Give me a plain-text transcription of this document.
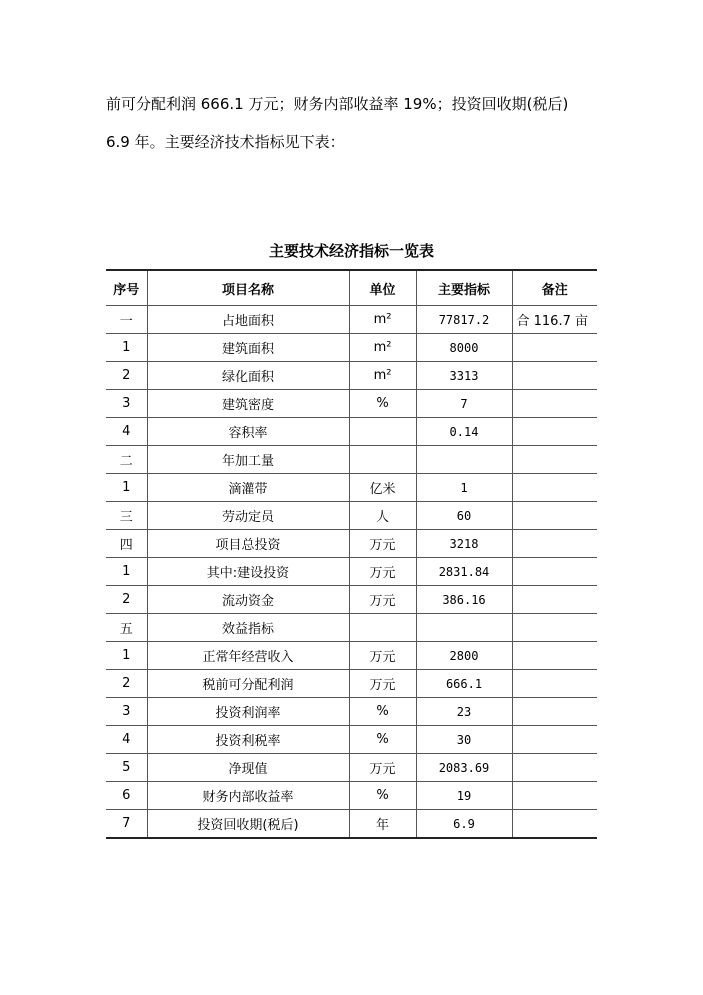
前可分配利润 666.1 万元；财务内部收益率 19%；投资回收期(税后)
6.9 年。主要经济技术指标见下表：
主要技术经济指标一览表
序号	项目名称	单位	主要指标	备注
一	占地面积	m²	77817.2	合 116.7 亩
1	建筑面积	m²	8000	
2	绿化面积	m²	3313	
3	建筑密度	%	7	
4	容积率		0.14	
二	年加工量			
1	滴灌带	亿米	1	
三	劳动定员	人	60	
四	项目总投资	万元	3218	
1	其中:建设投资	万元	2831.84	
2	流动资金	万元	386.16	
五	效益指标			
1	正常年经营收入	万元	2800	
2	税前可分配利润	万元	666.1	
3	投资利润率	%	23	
4	投资利税率	%	30	
5	净现值	万元	2083.69	
6	财务内部收益率	%	19	
7	投资回收期(税后)	年	6.9	
